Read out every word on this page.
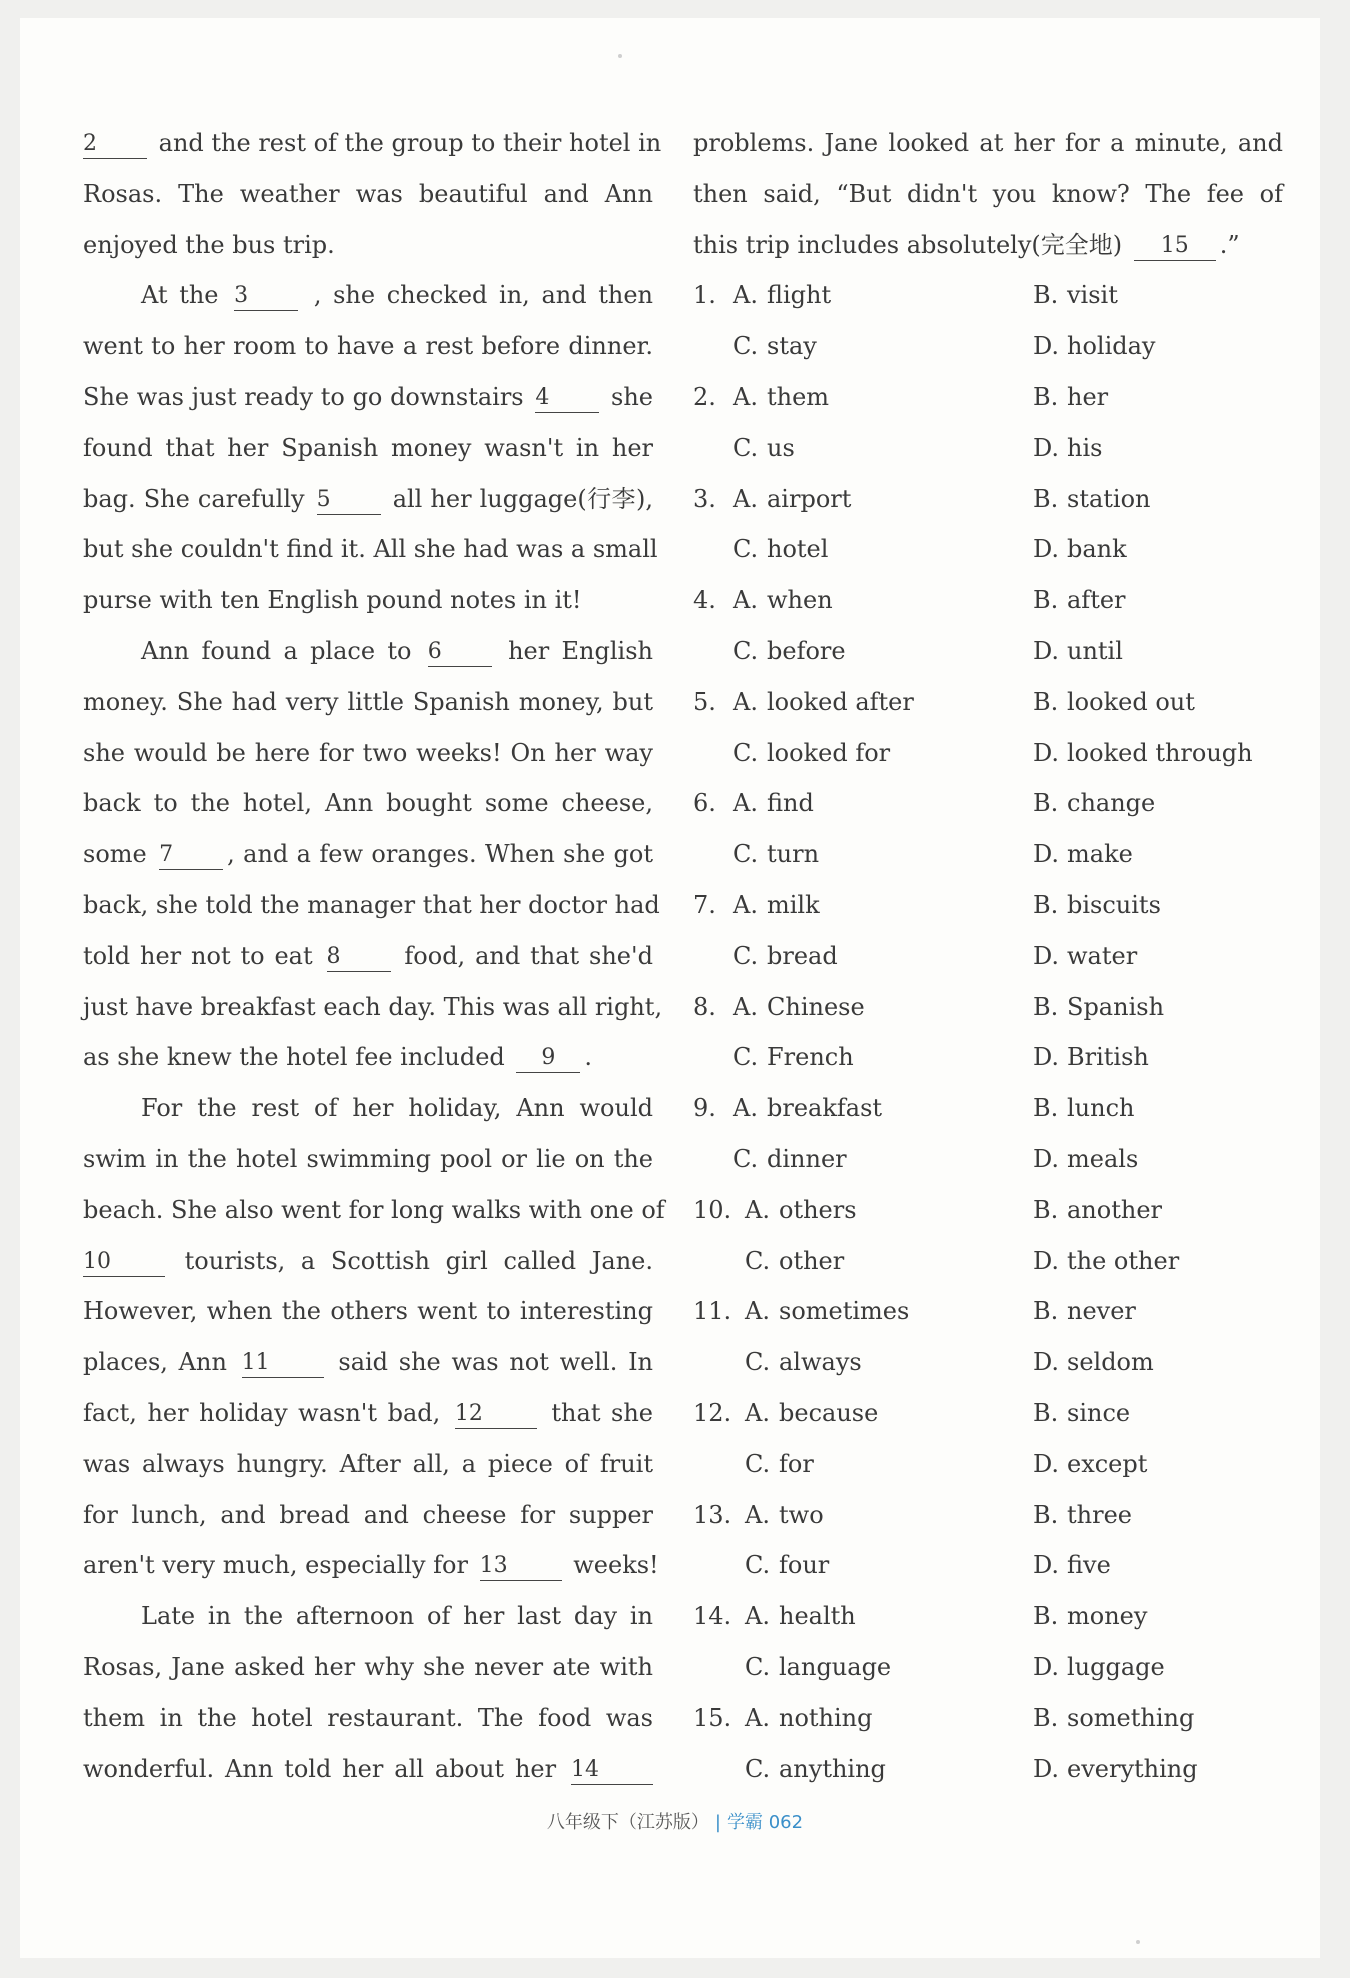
2	and the rest of the group to their hotel in
Rosas. The weather was beautiful and Ann
enjoyed the bus trip.
At the 3	, she checked in, and then
went to her room to have a rest before dinner.
She was just ready to go downstairs 4	she
found that her Spanish money wasn't in her
bag. She carefully 5	all her luggage(行李),
but she couldn't find it. All she had was a small
purse with ten English pound notes in it!
Ann found a place to 6	her English
money. She had very little Spanish money, but
she would be here for two weeks! On her way
back to the hotel, Ann bought some cheese,
some 7 , and a few oranges. When she got
back, she told the manager that her doctor had
told her not to eat 8	food, and that she'd
just have breakfast each day. This was all right,
as she knew the hotel fee included 9 .
For the rest of her holiday, Ann would
swim in the hotel swimming pool or lie on the
beach. She also went for long walks with one of
10	tourists, a Scottish girl called Jane.
However, when the others went to interesting
places, Ann 11	said she was not well. In
fact, her holiday wasn't bad, 12	that she
was always hungry. After all, a piece of fruit
for lunch, and bread and cheese for supper
aren't very much, especially for 13	weeks!
Late in the afternoon of her last day in
Rosas, Jane asked her why she never ate with
them in the hotel restaurant. The food was
wonderful. Ann told her all about her 14
problems. Jane looked at her for a minute, and
then said, “But didn't you know? The fee of
this trip includes absolutely(完全地) 15 .”
1. A. flight	B. visit
C. stay	D. holiday
2. A. them	B. her
C. us	D. his
3. A. airport	B. station
C. hotel	D. bank
4. A. when	B. after
C. before	D. until
5. A. looked after	B. looked out
C. looked for	D. looked through
6. A. find	B. change
C. turn	D. make
7. A. milk	B. biscuits
C. bread	D. water
8. A. Chinese	B. Spanish
C. French	D. British
9. A. breakfast	B. lunch
C. dinner	D. meals
10. A. others	B. another
C. other	D. the other
11. A. sometimes	B. never
C. always	D. seldom
12. A. because	B. since
C. for	D. except
13. A. two	B. three
C. four	D. five
14. A. health	B. money
C. language	D. luggage
15. A. nothing	B. something
C. anything	D. everything
八年级下（江苏版） | 学霸 062
